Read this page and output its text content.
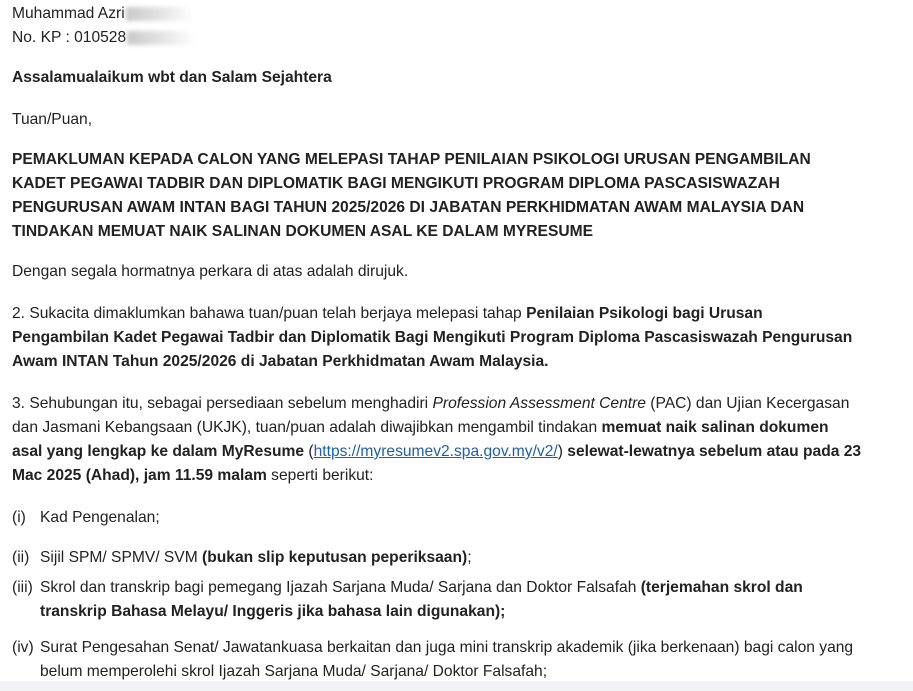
Muhammad Azri
No. KP : 010528
Assalamualaikum wbt dan Salam Sejahtera
Tuan/Puan,
PEMAKLUMAN KEPADA CALON YANG MELEPASI TAHAP PENILAIAN PSIKOLOGI URUSAN PENGAMBILAN
KADET PEGAWAI TADBIR DAN DIPLOMATIK BAGI MENGIKUTI PROGRAM DIPLOMA PASCASISWAZAH
PENGURUSAN AWAM INTAN BAGI TAHUN 2025/2026 DI JABATAN PERKHIDMATAN AWAM MALAYSIA DAN
TINDAKAN MEMUAT NAIK SALINAN DOKUMEN ASAL KE DALAM MYRESUME
Dengan segala hormatnya perkara di atas adalah dirujuk.
2. Sukacita dimaklumkan bahawa tuan/puan telah berjaya melepasi tahap Penilaian Psikologi bagi Urusan
Pengambilan Kadet Pegawai Tadbir dan Diplomatik Bagi Mengikuti Program Diploma Pascasiswazah Pengurusan
Awam INTAN Tahun 2025/2026 di Jabatan Perkhidmatan Awam Malaysia.
3. Sehubungan itu, sebagai persediaan sebelum menghadiri Profession Assessment Centre (PAC) dan Ujian Kecergasan
dan Jasmani Kebangsaan (UKJK), tuan/puan adalah diwajibkan mengambil tindakan memuat naik salinan dokumen
asal yang lengkap ke dalam MyResume (https://myresumev2.spa.gov.my/v2/) selewat-lewatnya sebelum atau pada 23
Mac 2025 (Ahad), jam 11.59 malam seperti berikut:
(i) Kad Pengenalan;
(ii) Sijil SPM/ SPMV/ SVM (bukan slip keputusan peperiksaan);
(iii) Skrol dan transkrip bagi pemegang Ijazah Sarjana Muda/ Sarjana dan Doktor Falsafah (terjemahan skrol dan
transkrip Bahasa Melayu/ Inggeris jika bahasa lain digunakan);
(iv) Surat Pengesahan Senat/ Jawatankuasa berkaitan dan juga mini transkrip akademik (jika berkenaan) bagi calon yang
belum memperolehi skrol Ijazah Sarjana Muda/ Sarjana/ Doktor Falsafah;
